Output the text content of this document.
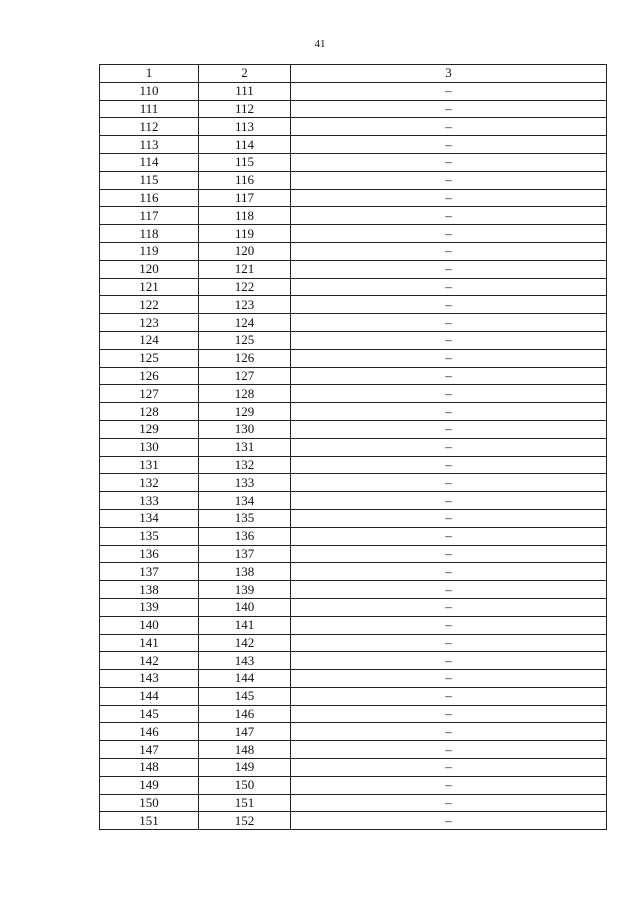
41
1	2	3
110	111	–
111	112	–
112	113	–
113	114	–
114	115	–
115	116	–
116	117	–
117	118	–
118	119	–
119	120	–
120	121	–
121	122	–
122	123	–
123	124	–
124	125	–
125	126	–
126	127	–
127	128	–
128	129	–
129	130	–
130	131	–
131	132	–
132	133	–
133	134	–
134	135	–
135	136	–
136	137	–
137	138	–
138	139	–
139	140	–
140	141	–
141	142	–
142	143	–
143	144	–
144	145	–
145	146	–
146	147	–
147	148	–
148	149	–
149	150	–
150	151	–
151	152	–
